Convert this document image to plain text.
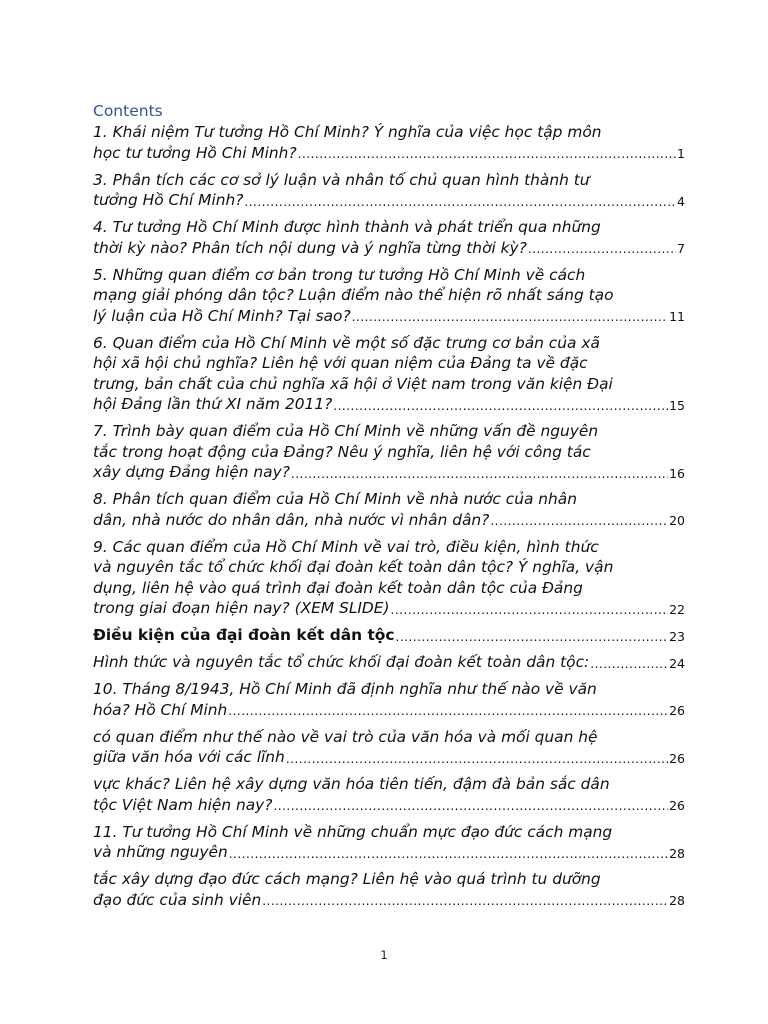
Contents
1. Khái niệm Tư tưởng Hồ Chí Minh? Ý nghĩa của việc học tập môn
học tư tưởng Hồ Chi Minh? .....	1
3. Phân tích các cơ sở lý luận và nhân tố chủ quan hình thành tư
tưởng Hồ Chí Minh? .....	4
4. Tư tưởng Hồ Chí Minh được hình thành và phát triển qua những
thời kỳ nào? Phân tích nội dung và ý nghĩa từng thời kỳ? .....	7
5. Những quan điểm cơ bản trong tư tưởng Hồ Chí Minh về cách
mạng giải phóng dân tộc? Luận điểm nào thể hiện rõ nhất sáng tạo
lý luận của Hồ Chí Minh? Tại sao? .....	11
6. Quan điểm của Hồ Chí Minh về một số đặc trưng cơ bản của xã
hội xã hội chủ nghĩa? Liên hệ với quan niệm của Đảng ta về đặc
trưng, bản chất của chủ nghĩa xã hội ở Việt nam trong văn kiện Đại
hội Đảng lần thứ XI năm 2011? .....	15
7. Trình bày quan điểm của Hồ Chí Minh về những vấn đề nguyên
tắc trong hoạt động của Đảng? Nêu ý nghĩa, liên hệ với công tác
xây dựng Đảng hiện nay? .....	16
8. Phân tích quan điểm của Hồ Chí Minh về nhà nước của nhân
dân, nhà nước do nhân dân, nhà nước vì nhân dân? .....	20
9. Các quan điểm của Hồ Chí Minh về vai trò, điều kiện, hình thức
và nguyên tắc tổ chức khối đại đoàn kết toàn dân tộc? Ý nghĩa, vận
dụng, liên hệ vào quá trình đại đoàn kết toàn dân tộc của Đảng
trong giai đoạn hiện nay? (XEM SLIDE) .....	22
Điều kiện của đại đoàn kết dân tộc .....	23
Hình thức và nguyên tắc tổ chức khối đại đoàn kết toàn dân tộc: .....	24
10. Tháng 8/1943, Hồ Chí Minh đã định nghĩa như thế nào về văn
hóa? Hồ Chí Minh .....	26
có quan điểm như thế nào về vai trò của văn hóa và mối quan hệ
giữa văn hóa với các lĩnh .....	26
vực khác? Liên hệ xây dựng văn hóa tiên tiến, đậm đà bản sắc dân
tộc Việt Nam hiện nay? .....	26
11. Tư tưởng Hồ Chí Minh về những chuẩn mực đạo đức cách mạng
và những nguyên .....	28
tắc xây dựng đạo đức cách mạng? Liên hệ vào quá trình tu dưỡng
đạo đức của sinh viên .....	28
1
